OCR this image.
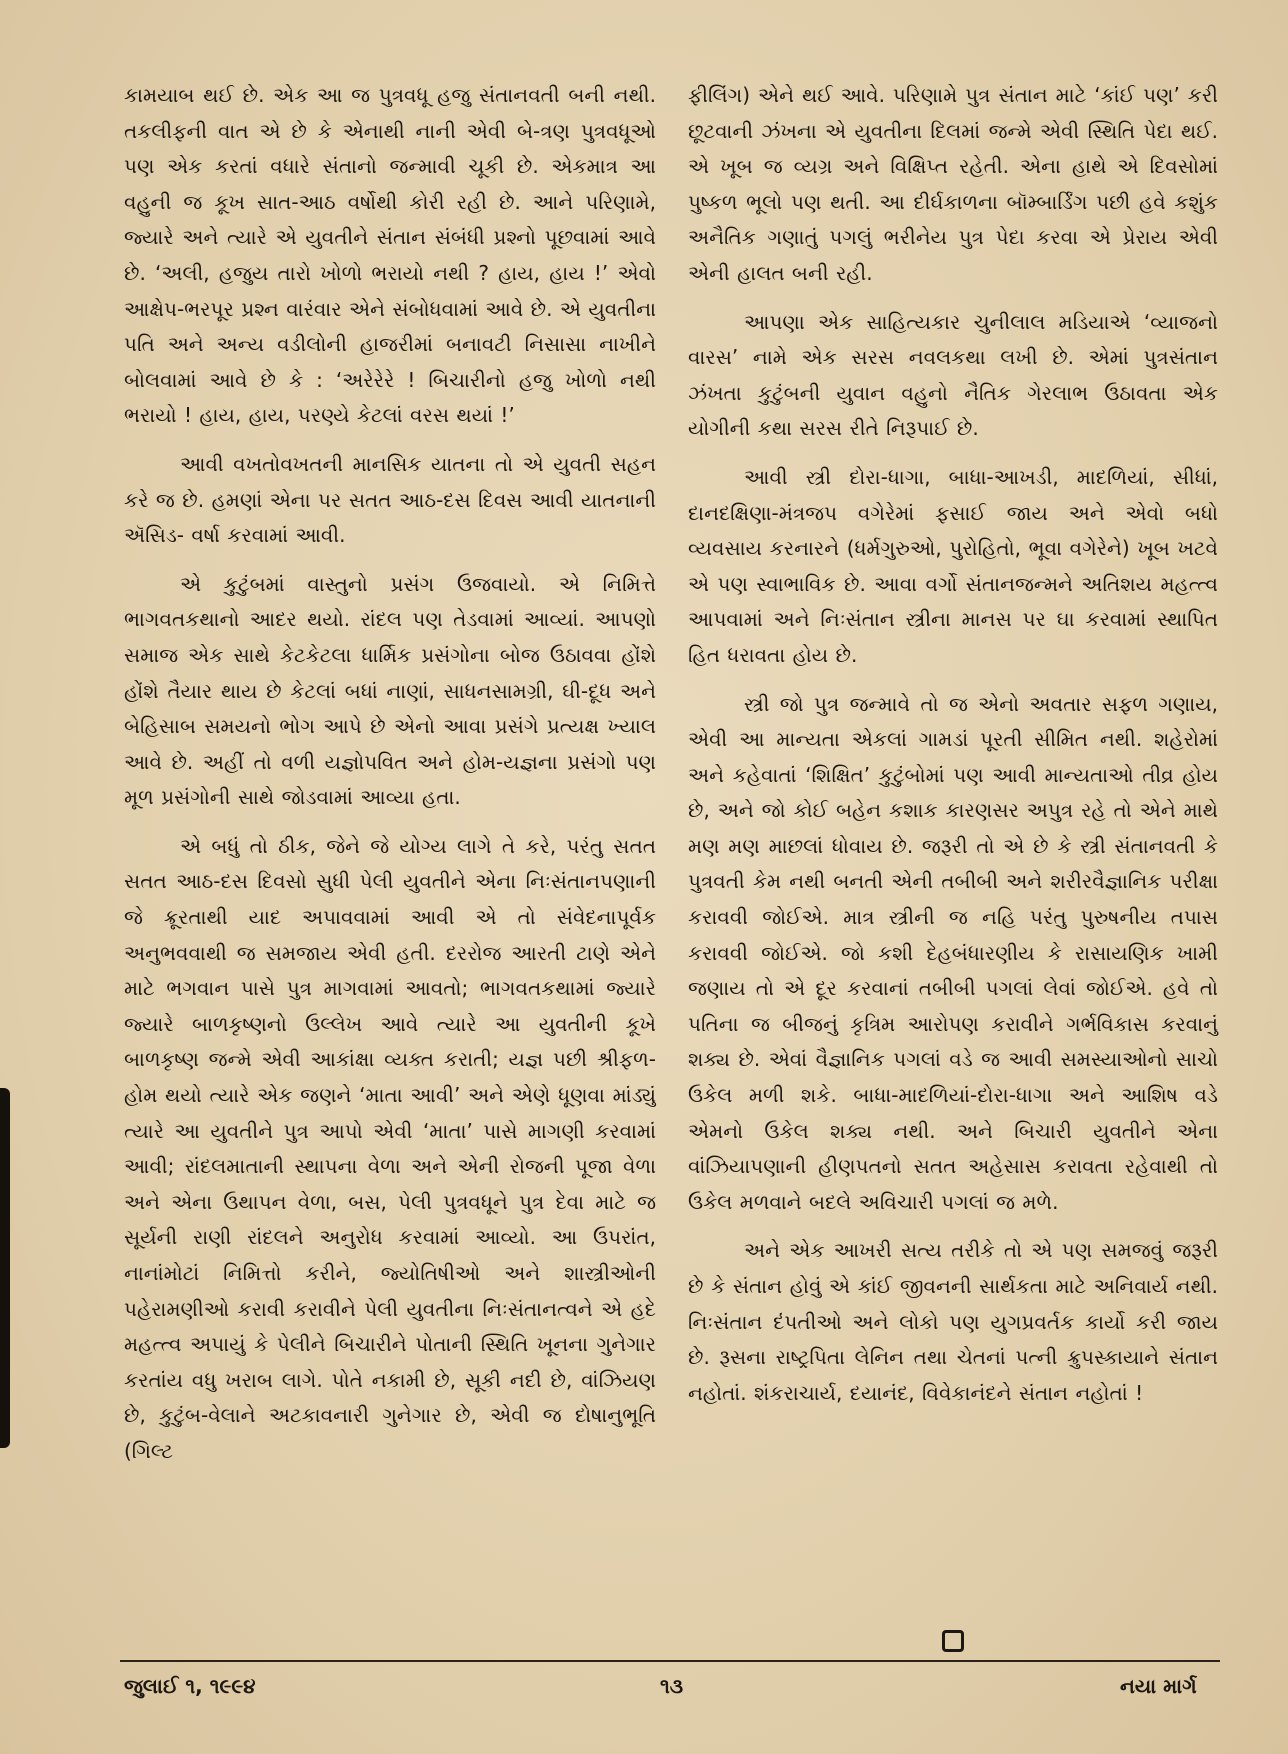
કામયાબ થઈ છે. એક આ જ પુત્રવધૂ હજુ સંતાનવતી બની નથી. તકલીફની વાત એ છે કે એનાથી નાની એવી બે-ત્રણ પુત્રવધૂઓ પણ એક કરતાં વધારે સંતાનો જન્માવી ચૂકી છે. એકમાત્ર આ વહુની જ કૂખ સાત-આઠ વર્ષોથી કોરી રહી છે. આને પરિણામે, જ્યારે અને ત્યારે એ યુવતીને સંતાન સંબંધી પ્રશ્નો પૂછવામાં આવે છે. ‘અલી, હજુય તારો ખોળો ભરાયો નથી ? હાય, હાય !’ એવો આક્ષેપ-ભરપૂર પ્રશ્ન વારંવાર એને સંબોધવામાં આવે છે. એ યુવતીના પતિ અને અન્ય વડીલોની હાજરીમાં બનાવટી નિસાસા નાખીને બોલવામાં આવે છે કે : ‘અરેરેરે ! બિચારીનો હજુ ખોળો નથી ભરાયો ! હાય, હાય, પરણ્યે કેટલાં વરસ થયાં !’

આવી વખતોવખતની માનસિક યાતના તો એ યુવતી સહન કરે જ છે. હમણાં એના પર સતત આઠ-દસ દિવસ આવી યાતનાની ઍસિડ- વર્ષા કરવામાં આવી.

એ કુટુંબમાં વાસ્તુનો પ્રસંગ ઉજવાયો. એ નિમિત્તે ભાગવતકથાનો આદર થયો. રાંદલ પણ તેડવામાં આવ્યાં. આપણો સમાજ એક સાથે કેટકેટલા ધાર્મિક પ્રસંગોના બોજ ઉઠાવવા હોંશે હોંશે તૈયાર થાય છે કેટલાં બધાં નાણાં, સાધનસામગ્રી, ઘી-દૂધ અને બેહિસાબ સમયનો ભોગ આપે છે એનો આવા પ્રસંગે પ્રત્યક્ષ ખ્યાલ આવે છે. અહીં તો વળી યજ્ઞોપવિત અને હોમ-યજ્ઞના પ્રસંગો પણ મૂળ પ્રસંગોની સાથે જોડવામાં આવ્યા હતા.

એ બધું તો ઠીક, જેને જે યોગ્ય લાગે તે કરે, પરંતુ સતત સતત આઠ-દસ દિવસો સુધી પેલી યુવતીને એના નિઃસંતાનપણાની જે ક્રૂરતાથી યાદ અપાવવામાં આવી એ તો સંવેદનાપૂર્વક અનુભવવાથી જ સમજાય એવી હતી. દરરોજ આરતી ટાણે એને માટે ભગવાન પાસે પુત્ર માગવામાં આવતો; ભાગવતકથામાં જ્યારે જ્યારે બાળકૃષ્ણનો ઉલ્લેખ આવે ત્યારે આ યુવતીની કૂખે બાળકૃષ્ણ જન્મે એવી આકાંક્ષા વ્યક્ત કરાતી; યજ્ઞ પછી શ્રીફળ-હોમ થયો ત્યારે એક જણને ‘માતા આવી’ અને એણે ધૂણવા માંડ્યું ત્યારે આ યુવતીને પુત્ર આપો એવી ‘માતા’ પાસે માગણી કરવામાં આવી; રાંદલમાતાની સ્થાપના વેળા અને એની રોજની પૂજા વેળા અને એના ઉથાપન વેળા, બસ, પેલી પુત્રવધૂને પુત્ર દેવા માટે જ સૂર્યની રાણી રાંદલને અનુરોધ કરવામાં આવ્યો. આ ઉપરાંત, નાનાંમોટાં નિમિત્તો કરીને, જ્યોતિષીઓ અને શાસ્ત્રીઓની પહેરામણીઓ કરાવી કરાવીને પેલી યુવતીના નિઃસંતાનત્વને એ હદે મહત્ત્વ અપાયું કે પેલીને બિચારીને પોતાની સ્થિતિ ખૂનના ગુનેગાર કરતાંય વધુ ખરાબ લાગે. પોતે નકામી છે, સૂકી નદી છે, વાંઝિયણ છે, કુટુંબ-વેલાને અટકાવનારી ગુનેગાર છે, એવી જ દોષાનુભૂતિ (ગિલ્ટ

ફીલિંગ) એને થઈ આવે. પરિણામે પુત્ર સંતાન માટે ‘કાંઈ પણ’ કરી છૂટવાની ઝંખના એ યુવતીના દિલમાં જન્મે એવી સ્થિતિ પેદા થઈ. એ ખૂબ જ વ્યગ્ર અને વિક્ષિપ્ત રહેતી. એના હાથે એ દિવસોમાં પુષ્કળ ભૂલો પણ થતી. આ દીર્ઘકાળના બૉમ્બાર્ડિંગ પછી હવે કશુંક અનૈતિક ગણાતું પગલું ભરીનેય પુત્ર પેદા કરવા એ પ્રેરાય એવી એની હાલત બની રહી.

આપણા એક સાહિત્યકાર ચુનીલાલ મડિયાએ ‘વ્યાજનો વારસ’ નામે એક સરસ નવલકથા લખી છે. એમાં પુત્રસંતાન ઝંખતા કુટુંબની યુવાન વહુનો નૈતિક ગેરલાભ ઉઠાવતા એક યોગીની કથા સરસ રીતે નિરૂપાઈ છે.

આવી સ્ત્રી દોરા-ધાગા, બાધા-આખડી, માદળિયાં, સીધાં, દાનદક્ષિણા-મંત્રજપ વગેરેમાં ફસાઈ જાય અને એવો બધો વ્યવસાય કરનારને (ધર્મગુરુઓ, પુરોહિતો, ભૂવા વગેરેને) ખૂબ ખટવે એ પણ સ્વાભાવિક છે. આવા વર્ગો સંતાનજન્મને અતિશય મહત્ત્વ આપવામાં અને નિઃસંતાન સ્ત્રીના માનસ પર ઘા કરવામાં સ્થાપિત હિત ધરાવતા હોય છે.

સ્ત્રી જો પુત્ર જન્માવે તો જ એનો અવતાર સફળ ગણાય, એવી આ માન્યતા એકલાં ગામડાં પૂરતી સીમિત નથી. શહેરોમાં અને કહેવાતાં ‘શિક્ષિત’ કુટુંબોમાં પણ આવી માન્યતાઓ તીવ્ર હોય છે, અને જો કોઈ બહેન કશાક કારણસર અપુત્ર રહે તો એને માથે મણ મણ માછલાં ધોવાય છે. જરૂરી તો એ છે કે સ્ત્રી સંતાનવતી કે પુત્રવતી કેમ નથી બનતી એની તબીબી અને શરીરવૈજ્ઞાનિક પરીક્ષા કરાવવી જોઈએ. માત્ર સ્ત્રીની જ નહિ પરંતુ પુરુષનીય તપાસ કરાવવી જોઈએ. જો કશી દેહબંધારણીય કે રાસાયણિક ખામી જણાય તો એ દૂર કરવાનાં તબીબી પગલાં લેવાં જોઈએ. હવે તો પતિના જ બીજનું કૃત્રિમ આરોપણ કરાવીને ગર્ભવિકાસ કરવાનું શક્ય છે. એવાં વૈજ્ઞાનિક પગલાં વડે જ આવી સમસ્યાઓનો સાચો ઉકેલ મળી શકે. બાધા-માદળિયાં-દોરા-ધાગા અને આશિષ વડે એમનો ઉકેલ શક્ય નથી. અને બિચારી યુવતીને એના વાંઝિયાપણાની હીણપતનો સતત અહેસાસ કરાવતા રહેવાથી તો ઉકેલ મળવાને બદલે અવિચારી પગલાં જ મળે.

અને એક આખરી સત્ય તરીકે તો એ પણ સમજવું જરૂરી છે કે સંતાન હોવું એ કાંઈ જીવનની સાર્થકતા માટે અનિવાર્ય નથી. નિઃસંતાન દંપતીઓ અને લોકો પણ યુગપ્રવર્તક કાર્યો કરી જાય છે. રૂસના રાષ્ટ્રપિતા લેનિન તથા ચેતનાં પત્ની ક્રુપસ્કાયાને સંતાન નહોતાં. શંકરાચાર્ય, દયાનંદ, વિવેકાનંદને સંતાન નહોતાં !

જુલાઈ ૧, ૧૯૯૪	૧૩	નયા માર્ગ
